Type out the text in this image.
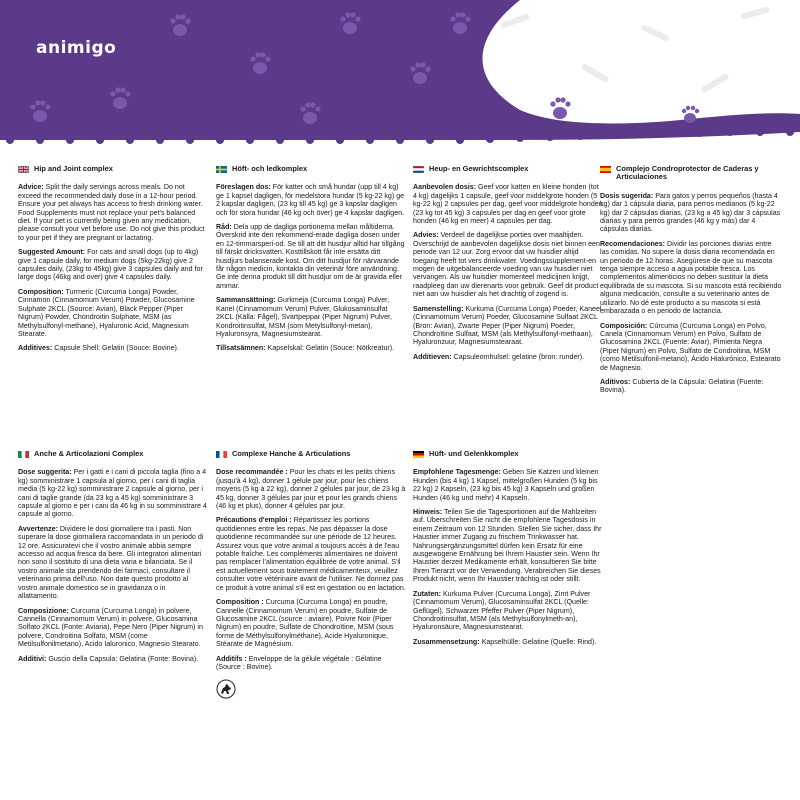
animigo
Hip and Joint complex

Advice: Split the daily servings across meals. Do not exceed the recommended daily dose in a 12-hour period. Ensure your pet always has access to fresh drinking water. Food Supplements must not replace your pet's balanced diet. If your pet is currently being given any medication, please consult your vet before use. Do not give this product to your pet if they are pregnant or lactating.

Suggested Amount: For cats and small dogs (up to 4kg) give 1 capsule daily, for medium dogs (5kg-22kg) give 2 capsules daily, (23kg to 45kg) give 3 capsules daily and for large dogs (46kg and over) give 4 capsules daily.

Composition: Turmeric (Curcuma Longa) Powder, Cinnamon (Cinnamomum Verum) Powder, Glucosamine Sulphate 2KCL (Source: Avian), Black Pepper (Piper Nigrum) Powder, Chondroitin Sulphate, MSM (as Methylsulfonyl-methane), Hyaluronic Acid, Magnesium Stearate.

Additives: Capsule Shell: Gelatin (Souce: Bovine).

Höft- och ledkomplex

Föreslagen dos: För katter och små hundar (upp till 4 kg) ge 1 kapsel dagligen, för medelstora hundar (5 kg-22 kg) ge 2 kapslar dagligen, (23 kg till 45 kg) ge 3 kapslar dagligen och för stora hundar (46 kg och över) ge 4 kapslar dagligen.

Råd: Dela upp de dagliga portionerna mellan måltiderna. Överskrid inte den rekommend-erade dagliga dosen under en 12-timmarsperi-od. Se till att ditt husdjur alltid har tillgång till färskt dricksvatten. Kosttillskott får inte ersätta ditt husdjurs balanserade kost. Om ditt husdjur för närvarande får någon medicin, kontakta din veterinär före användning. Ge inte denna produkt till ditt husdjur om de är gravida eller ammar.

Sammansättning: Gurkmeja (Curcuma Longa) Pulver, Kanel (Cinnamomum Verum) Pulver, Glukosaminsulfat 2KCL (Källa: Fågel), Svartpeppar (Piper Nigrum) Pulver, Kondroitinsulfat, MSM (som Metylsulfonyl-metan), Hyaluronsyra, Magnesiumstearat.

Tillsatsämnen: Kapselskal: Gelatin (Souce: Nötkreatur).

Heup- en Gewrichtscomplex

Aanbevolen dosis: Geef voor katten en kleine honden (tot 4 kg) dagelijks 1 capsule, geef voor middelgrote honden (5 kg-22 kg) 2 capsules per dag, geef voor middelgrote honden (23 kg tot 45 kg) 3 capsules per dag en geef voor grote honden (46 kg en meer) 4 capsules per dag.

Advies: Verdeel de dagelijkse porties over maaltijden. Overschrijd de aanbevolen dagelijkse dosis niet binnen een periode van 12 uur. Zorg ervoor dat uw huisdier altijd toegang heeft tot vers drinkwater. Voedingssupplement-en mogen de uitgebalanceerde voeding van uw huisdier niet vervangen. Als uw huisdier momenteel medicijnen krijgt, raadpleeg dan uw dierenarts voor gebruik. Geef dit product niet aan uw huisdier als het drachtig of zogend is.

Samenstelling: Kurkuma (Curcuma Longa) Poeder, Kaneel (Cinnamomum Verum) Poeder, Glucosamine Sulfaat 2KCL (Bron: Avian), Zwarte Peper (Piper Nigrum) Poeder, Chondroïtine Sulfaat, MSM (als Methylsulfonyl-methaan), Hyaluronzuur, Magnesiumstearaat.

Additieven: Capsuleomhulsel: gelatine (bron: runder).

Complejo Condroprotector de Caderas y Articulaciones

Dosis sugerida: Para gatos y perros pequeños (hasta 4 kg) dar 1 cápsula diaria, para perros medianos (5 kg-22 kg) dar 2 cápsulas diarias, (23 kg a 45 kg) dar 3 cápsulas diarias y para perros grandes (46 kg y más) dar 4 cápsulas diarias.

Recomendaciones: Dividir las porciones diarias entre las comidas. No supere la dosis diaria recomendada en un periodo de 12 horas. Asegúrese de que su mascota tenga siempre acceso a agua potable fresca. Los complementos alimenticios no deben sustituir la dieta equilibrada de su mascota. Si su mascota está recibiendo alguna medicación, consulte a su veterinario antes de utilizarlo. No dé este producto a su mascota si está embarazada o en periodo de lactancia.

Composición: Cúrcuma (Curcuma Longa) en Polvo, Canela (Cinnamomum Verum) en Polvo, Sulfato de Glucosamina 2KCL (Fuente: Aviar), Pimienta Negra (Piper Nigrum) en Polvo, Sulfato de Condroitina, MSM (como Metilsulfonil-metano), Ácido Hialurónico, Estearato de Magnesio.

Aditivos: Cubierta de la Cápsula: Gelatina (Fuente: Bovina).

Anche & Articolazioni Complex

Dose suggerita: Per i gatti e i cani di piccola taglia (fino a 4 kg) somministrare 1 capsula al giorno, per i cani di taglia media (5 kg-22 kg) somministrare 2 capsule al giorno, per i cani di taglie grande (da 23 kg a 45 kg) somministrare 3 capsule al giorno e per i cani da 46 kg in su somministrare 4 capsule al giorno.

Avvertenze: Dividere le dosi giornaliere tra i pasti. Non superare la dose giornaliera raccomandata in un periodo di 12 ore. Assicuratevi che il vostro animale abbia sempre accesso ad acqua fresca da bere. Gli integratori alimentari non sono il sostituto di una dieta varia e bilanciata. Se il vostro animale sta prendendo dei farmaci, consultare il veterinario prima dell'uso. Non date questo prodotto al vostro animale domestico se in gravidanza o in allattamento.

Composizione: Curcuma (Curcuma Longa) in polvere, Cannella (Cinnamomum Verum) in polvere, Glucosamina Solfato 2KCL (Fonte: Aviaria), Pepe Nero (Piper Nigrum) in polvere, Condroitina Solfato, MSM (come Metilsulfonilmetano), Acido Ialuronico, Magnesio Stearato.

Additivi: Guscio della Capsula: Gelatina (Fonte: Bovina).

Complexe Hanche & Articulations

Dose recommandée : Pour les chats et les petits chiens (jusqu'à 4 kg), donner 1 gélule par jour, pour les chiens moyens (5 kg à 22 kg), donner 2 gélules par jour, de 23 kg à 45 kg, donner 3 gélules par jour et pour les grands chiens (46 kg et plus), donner 4 gélules par jour.

Précautions d'emploi : Répartissez les portions quotidiennes entre les repas. Ne pas dépasser la dose quotidienne recommandée sur une période de 12 heures. Assurez vous que votre animal a toujours accès à de l'eau potable fraîche. Les compléments alimentaires ne doivent pas remplacer l'alimentation équilibrée de votre animal. S'il est actuellement sous traitement médicamenteux, veuillez consulter votre vétérinaire avant de l'utiliser. Ne donnez pas ce produit à votre animal s'il est en gestation ou en lactation.

Composition : Curcuma (Curcuma Longa) en poudre, Cannelle (Cinnamomum Verum) en poudre, Sulfate de Glucosamine 2KCL (source : aviaire), Poivre Noir (Piper Nigrum) en poudre, Sulfate de Chondroïtine, MSM (sous forme de Méthylsulfonylméthane), Acide Hyaluronique, Stéarate de Magnésium.

Additifs : Enveloppe de la gélule végétale : Gélatine (Source : Bovine).

Hüft- und Gelenkkomplex

Empfohlene Tagesmenge: Geben Sie Katzen und kleinen Hunden (bis 4 kg) 1 Kapsel, mittelgroßen Hunden (5 kg bis 22 kg) 2 Kapseln, (23 kg bis 45 kg) 3 Kapseln und großen Hunden (46 kg und mehr) 4 Kapseln.

Hinweis: Teilen Sie die Tagesportionen auf die Mahlzeiten auf. Überschreiten Sie nicht die empfohlene Tagesdosis in einem Zeitraum von 12 Stunden. Stellen Sie sicher, dass Ihr Haustier immer Zugang zu frischem Trinkwasser hat. Nahrungsergänzungsmittel dürfen kein Ersatz für eine ausgewogene Ernährung bei Ihrem Haustier sein. Wenn Ihr Haustier derzeit Medikamente erhält, konsultieren Sie bitte Ihren Tierarzt vor der Verwendung. Verabreichen Sie dieses Produkt nicht, wenn Ihr Haustier trächtig ist oder stillt.

Zutaten: Kurkuma Pulver (Curcuma Longa), Zimt Pulver (Cinnamomum Verum), Glucosaminsulfat 2KCL (Quelle: Geflügel), Schwarzer Pfeffer Pulver (Piper Nigrum), Chondroitinsulfat, MSM (als Methylsulfonylmeth-an), Hyaluronsäure, Magnesiumstearat.

Zusammensetzung: Kapselhülle: Gelatine (Quelle: Rind).
